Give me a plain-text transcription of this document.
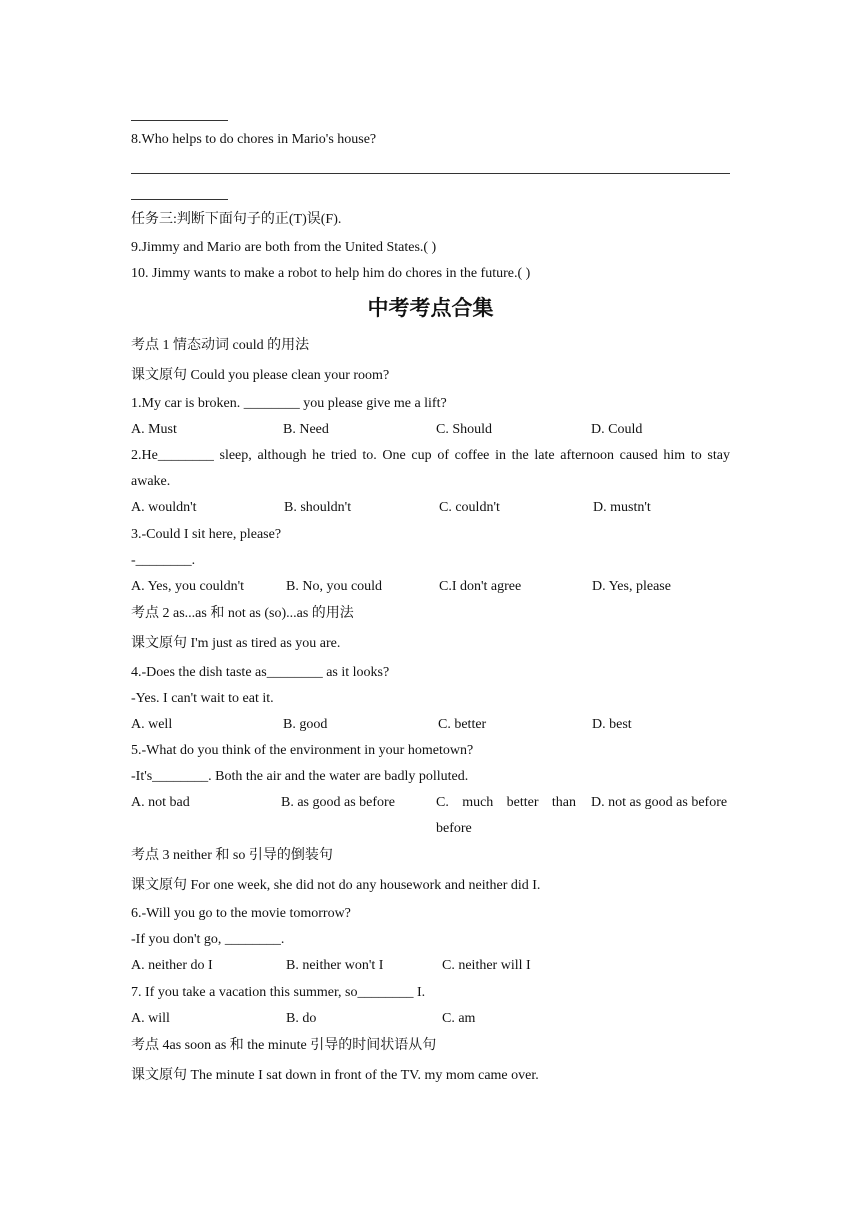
8.Who helps to do chores in Mario's house?
任务三:判断下面句子的正(T)误(F).
9.Jimmy and Mario are both from the United States.( )
10. Jimmy wants to make a robot to help him do chores in the future.( )
中考考点合集
考点 1 情态动词 could 的用法
课文原句 Could you please clean your room?
1.My car is broken. ________ you please give me a lift?
A. Must	B. Need	C. Should	D. Could
2.He________ sleep, although he tried to. One cup of coffee in the late afternoon caused him to stay awake.
A. wouldn't	B. shouldn't	C. couldn't	D. mustn't
3.-Could I sit here, please?
-________.
A. Yes, you couldn't	B. No, you could	C.I don't agree	D. Yes, please
考点 2 as...as 和 not as (so)...as 的用法
课文原句 I'm just as tired as you are.
4.-Does the dish taste as________ as it looks?
-Yes. I can't wait to eat it.
A. well	B. good	C. better	D. best
5.-What do you think of the environment in your hometown?
-It's________. Both the air and the water are badly polluted.
A. not bad	B. as good as before	C. much better than before
D. not as good as before
考点 3 neither 和 so 引导的倒装句
课文原句 For one week, she did not do any housework and neither did I.
6.-Will you go to the movie tomorrow?
-If you don't go, ________.
A. neither do I	B. neither won't I	C. neither will I
7. If you take a vacation this summer, so________ I.
A. will	B. do	C. am
考点 4as soon as 和 the minute 引导的时间状语从句
课文原句 The minute I sat down in front of the TV. my mom came over.
